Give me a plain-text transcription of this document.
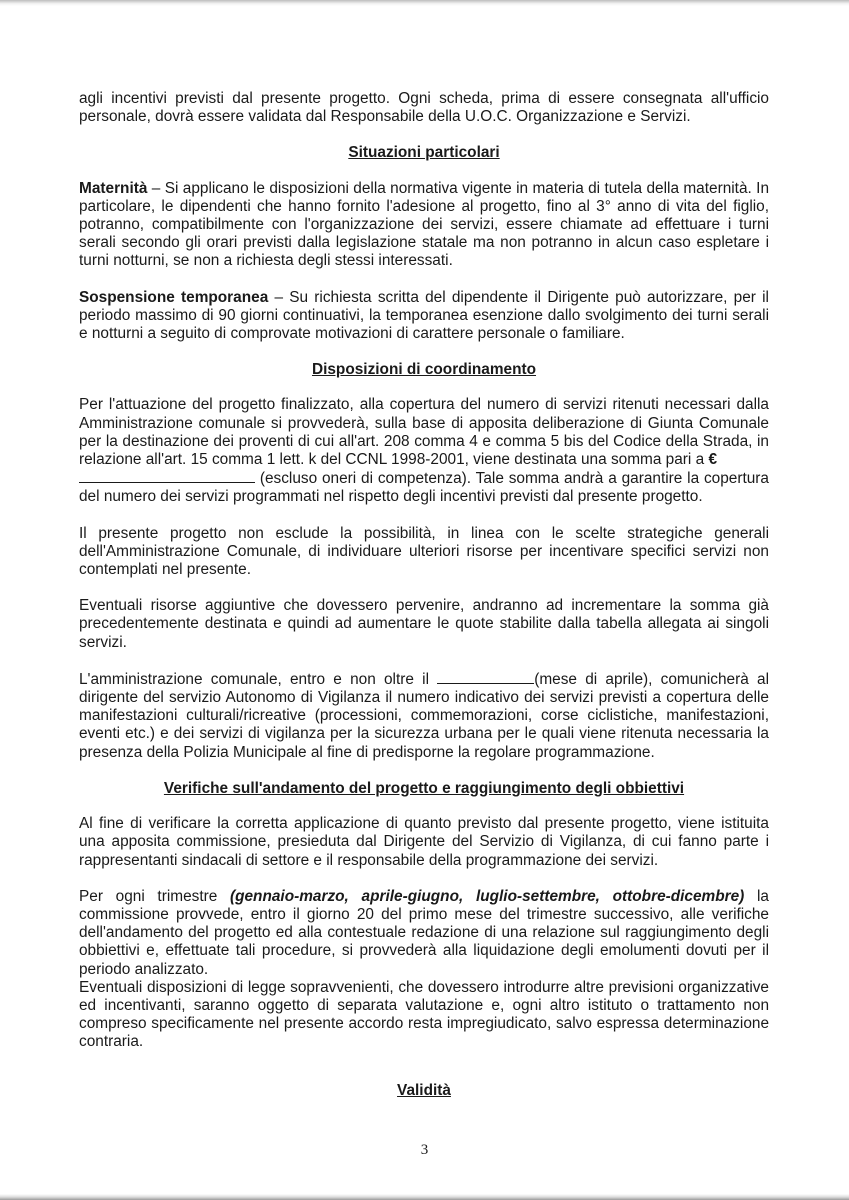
agli incentivi previsti dal presente progetto. Ogni scheda, prima di essere consegnata all'ufficio personale, dovrà essere validata dal Responsabile della U.O.C. Organizzazione e Servizi.

Situazioni particolari

Maternità – Si applicano le disposizioni della normativa vigente in materia di tutela della maternità. In particolare, le dipendenti che hanno fornito l'adesione al progetto, fino al 3° anno di vita del figlio, potranno, compatibilmente con l'organizzazione dei servizi, essere chiamate ad effettuare i turni serali secondo gli orari previsti dalla legislazione statale ma non potranno in alcun caso espletare i turni notturni, se non a richiesta degli stessi interessati.

Sospensione temporanea – Su richiesta scritta del dipendente il Dirigente può autorizzare, per il periodo massimo di 90 giorni continuativi, la temporanea esenzione dallo svolgimento dei turni serali e notturni a seguito di comprovate motivazioni di carattere personale o familiare.

Disposizioni di coordinamento

Per l'attuazione del progetto finalizzato, alla copertura del numero di servizi ritenuti necessari dalla Amministrazione comunale si provvederà, sulla base di apposita deliberazione di Giunta Comunale per la destinazione dei proventi di cui all'art. 208 comma 4 e comma 5 bis del Codice della Strada, in relazione all'art. 15 comma 1 lett. k del CCNL 1998-2001, viene destinata una somma pari a €
(escluso oneri di competenza). Tale somma andrà a garantire la copertura del numero dei servizi programmati nel rispetto degli incentivi previsti dal presente progetto.

Il presente progetto non esclude la possibilità, in linea con le scelte strategiche generali dell'Amministrazione Comunale, di individuare ulteriori risorse per incentivare specifici servizi non contemplati nel presente.

Eventuali risorse aggiuntive che dovessero pervenire, andranno ad incrementare la somma già precedentemente destinata e quindi ad aumentare le quote stabilite dalla tabella allegata ai singoli servizi.

L'amministrazione comunale, entro e non oltre il	(mese di aprile), comunicherà al dirigente del servizio Autonomo di Vigilanza il numero indicativo dei servizi previsti a copertura delle manifestazioni culturali/ricreative (processioni, commemorazioni, corse ciclistiche, manifestazioni, eventi etc.) e dei servizi di vigilanza per la sicurezza urbana per le quali viene ritenuta necessaria la presenza della Polizia Municipale al fine di predisporne la regolare programmazione.

Verifiche sull'andamento del progetto e raggiungimento degli obbiettivi

Al fine di verificare la corretta applicazione di quanto previsto dal presente progetto, viene istituita una apposita commissione, presieduta dal Dirigente del Servizio di Vigilanza, di cui fanno parte i rappresentanti sindacali di settore e il responsabile della programmazione dei servizi.

Per ogni trimestre (gennaio-marzo, aprile-giugno, luglio-settembre, ottobre-dicembre) la commissione provvede, entro il giorno 20 del primo mese del trimestre successivo, alle verifiche dell'andamento del progetto ed alla contestuale redazione di una relazione sul raggiungimento degli obbiettivi e, effettuate tali procedure, si provvederà alla liquidazione degli emolumenti dovuti per il periodo analizzato.

Eventuali disposizioni di legge sopravvenienti, che dovessero introdurre altre previsioni organizzative ed incentivanti, saranno oggetto di separata valutazione e, ogni altro istituto o trattamento non compreso specificamente nel presente accordo resta impregiudicato, salvo espressa determinazione contraria.

Validità
3
